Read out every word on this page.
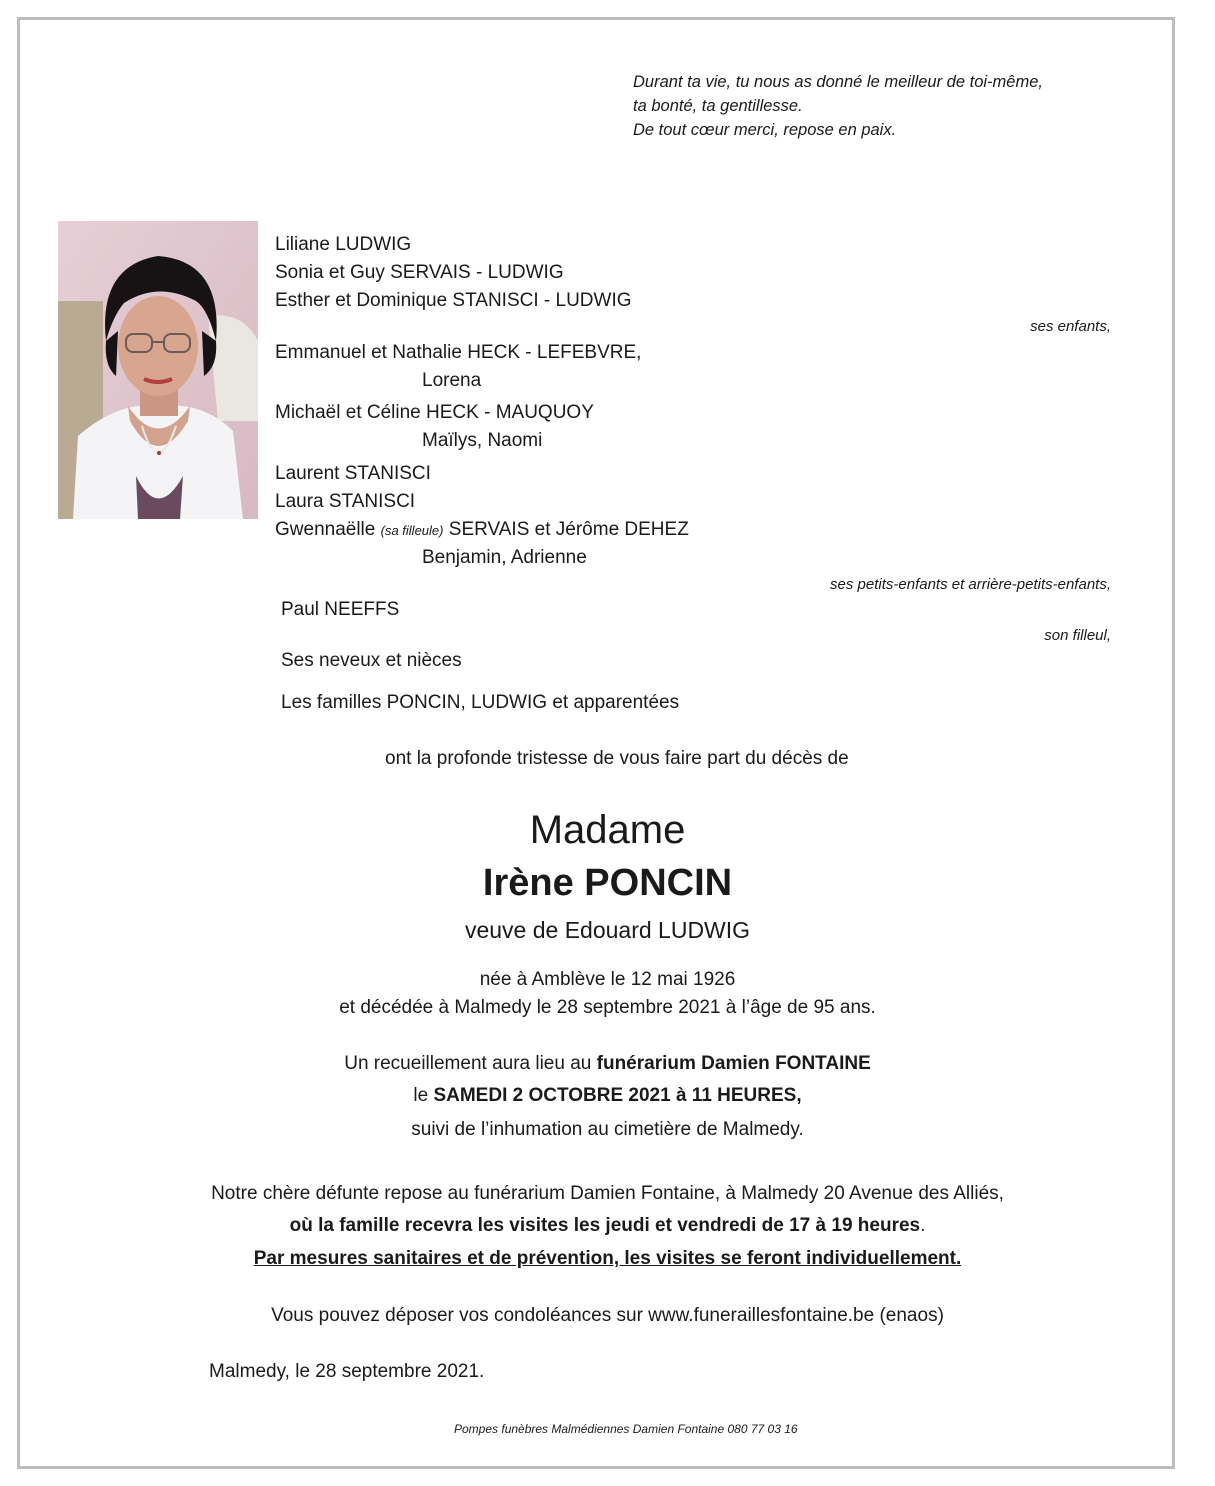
Durant ta vie, tu nous as donné le meilleur de toi-même,
ta bonté, ta gentillesse.
De tout cœur merci, repose en paix.
Liliane LUDWIG
Sonia et Guy SERVAIS - LUDWIG
Esther et Dominique STANISCI - LUDWIG
ses enfants,
Emmanuel et Nathalie HECK - LEFEBVRE,
Lorena
Michaël et Céline HECK - MAUQUOY
Maïlys, Naomi
Laurent STANISCI
Laura STANISCI
Gwennaëlle (sa filleule) SERVAIS et Jérôme DEHEZ
Benjamin, Adrienne
ses petits-enfants et arrière-petits-enfants,
Paul NEEFFS
son filleul,
Ses neveux et nièces
Les familles PONCIN, LUDWIG et apparentées
ont la profonde tristesse de vous faire part du décès de
Madame
Irène PONCIN
veuve de Edouard LUDWIG
née à Amblève le 12 mai 1926
et décédée à Malmedy le 28 septembre 2021 à l’âge de 95 ans.
Un recueillement aura lieu au funérarium Damien FONTAINE
le SAMEDI 2 OCTOBRE 2021 à 11 HEURES,
suivi de l’inhumation au cimetière de Malmedy.
Notre chère défunte repose au funérarium Damien Fontaine, à Malmedy 20 Avenue des Alliés,
où la famille recevra les visites les jeudi et vendredi de 17 à 19 heures.
Par mesures sanitaires et de prévention, les visites se feront individuellement.
Vous pouvez déposer vos condoléances sur www.funeraillesfontaine.be (enaos)
Malmedy, le 28 septembre 2021.
Pompes funèbres Malmédiennes Damien Fontaine 080 77 03 16
